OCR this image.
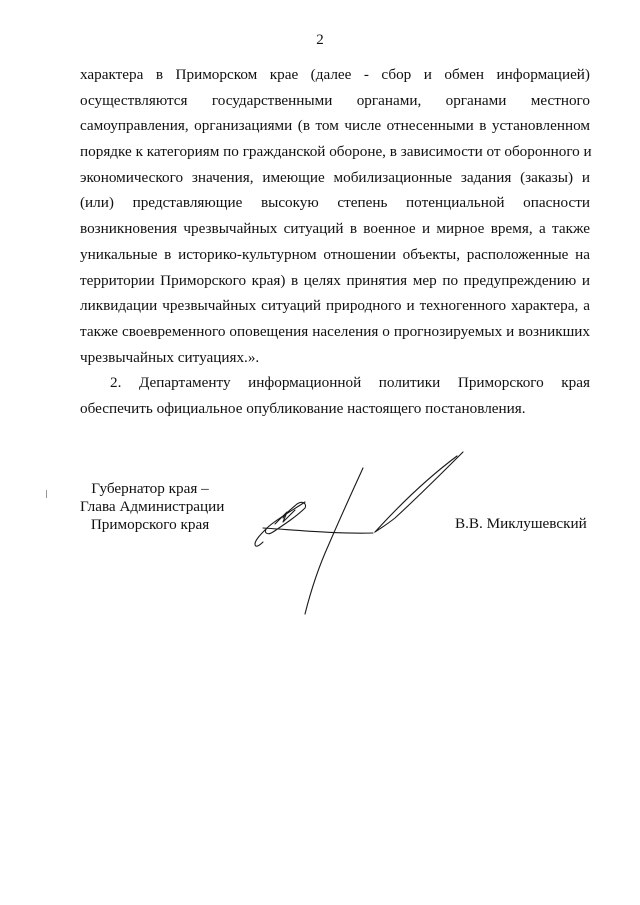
2
характера в Приморском крае (далее - сбор и обмен информацией)
осуществляются государственными органами, органами местного
самоуправления, организациями (в том числе отнесенными в установленном
порядке к категориям по гражданской обороне, в зависимости от оборонного и
экономического значения, имеющие мобилизационные задания (заказы) и
(или) представляющие высокую степень потенциальной опасности
возникновения чрезвычайных ситуаций в военное и мирное время, а также
уникальные в историко-культурном отношении объекты, расположенные на
территории Приморского края) в целях принятия мер по предупреждению и
ликвидации чрезвычайных ситуаций природного и техногенного характера, а
также своевременного оповещения населения о прогнозируемых и возникших
чрезвычайных ситуациях.».
2. Департаменту информационной политики Приморского края
обеспечить официальное опубликование настоящего постановления.
Губернатор края –
Глава Администрации
Приморского края	В.В. Миклушевский
